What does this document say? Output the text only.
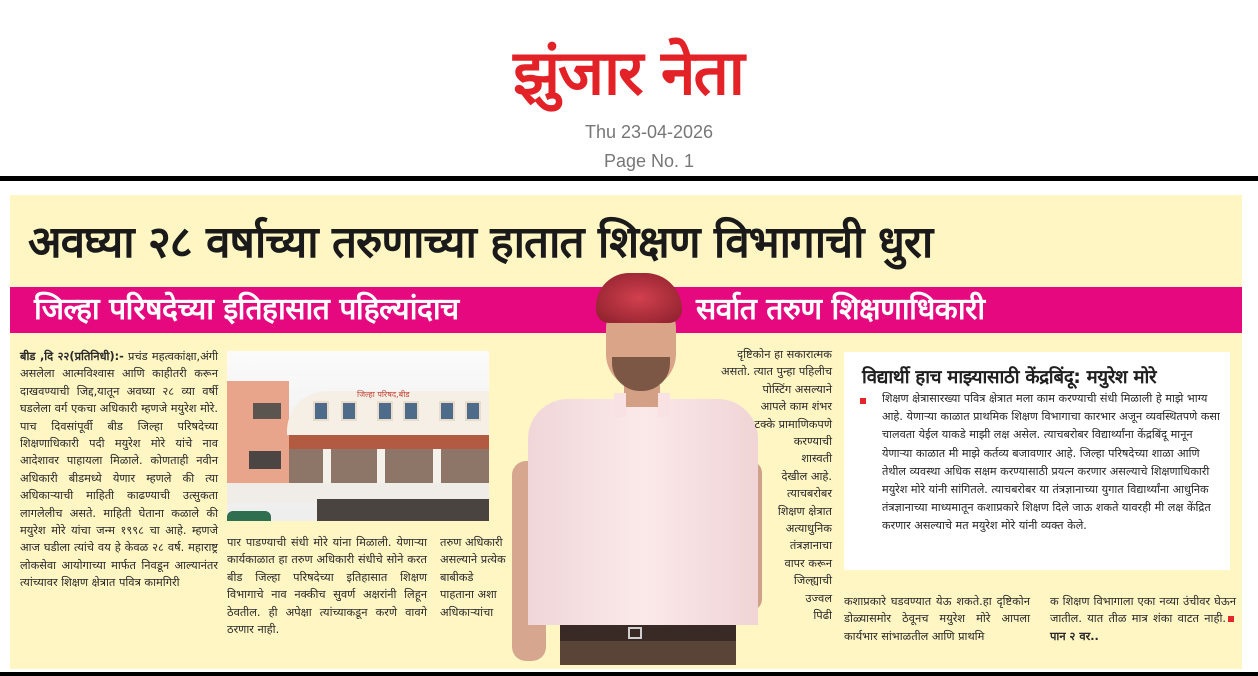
झुंजार नेता
Thu 23-04-2026
Page No. 1
अवघ्या २८ वर्षाच्या तरुणाच्या हातात शिक्षण विभागाची धुरा
जिल्हा परिषदेच्या इतिहासात पहिल्यांदाच	सर्वात तरुण शिक्षणाधिकारी

बीड ,दि २२(प्रतिनिधी):- प्रचंड महत्वकांक्षा,अंगी असलेला आत्मविश्वास आणि काहीतरी करून दाखवण्याची जिद्द,यातून अवघ्या २८ व्या वर्षी घडलेला वर्ग एकचा अधिकारी म्हणजे मयुरेश मोरे. पाच दिवसांपूर्वी बीड जिल्हा परिषदेच्या शिक्षणाधिकारी पदी मयुरेश मोरे यांचे नाव आदेशावर पाहायला मिळाले. कोणताही नवीन अधिकारी बीडमध्ये येणार म्हणले की त्या अधिकाऱ्याची माहिती काढण्याची उत्सुकता लागलेलीच असते. माहिती घेताना कळाले की मयुरेश मोरे यांचा जन्म १९९८ चा आहे. म्हणजे आज घडीला त्यांचे वय हे केवळ २८ वर्ष. महाराष्ट्र लोकसेवा आयोगाच्या मार्फत निवडून आल्यानंतर त्यांच्यावर शिक्षण क्षेत्रात पवित्र कामगिरी

जिल्हा परिषद,बीड

पार पाडण्याची संधी मोरे यांना मिळाली. येणाऱ्या कार्यकाळात हा तरुण अधिकारी संधीचे सोने करत बीड जिल्हा परिषदेच्या इतिहासात शिक्षण विभागाचे नाव नक्कीच सुवर्ण अक्षरांनी लिहून ठेवतील. ही अपेक्षा त्यांच्याकडून करणे वावगे ठरणार नाही.

तरुण अधिकारी असल्याने प्रत्येक बाबीकडे पाहताना अशा अधिकाऱ्यांचा

दृष्टिकोन हा सकारात्मक
असतो. त्यात पुन्हा पहिलीच
पोस्टिंग असल्याने
आपले काम शंभर
टक्के प्रामाणिकपणे
करण्याची
शास्वती
देखील आहे.
त्याचबरोबर
शिक्षण क्षेत्रात
अत्याधुनिक
तंत्रज्ञानाचा
वापर करून
जिल्ह्याची
उज्वल
पिढी
विद्यार्थी हाच माझ्यासाठी केंद्रबिंदू: मयुरेश मोरे
शिक्षण क्षेत्रासारख्या पवित्र क्षेत्रात मला काम करण्याची संधी मिळाली हे माझे भाग्य आहे. येणाऱ्या काळात प्राथमिक शिक्षण विभागाचा कारभार अजून व्यवस्थितपणे कसा चालवता येईल याकडे माझी लक्ष असेल. त्याचबरोबर विद्यार्थ्यांना केंद्रबिंदू मानून येणाऱ्या काळात मी माझे कर्तव्य बजावणार आहे. जिल्हा परिषदेच्या शाळा आणि तेथील व्यवस्था अधिक सक्षम करण्यासाठी प्रयत्न करणार असल्याचे शिक्षणाधिकारी मयुरेश मोरे यांनी सांगितले. त्याचबरोबर या तंत्रज्ञानाच्या युगात विद्यार्थ्यांना आधुनिक तंत्रज्ञानाच्या माध्यमातून कशाप्रकारे शिक्षण दिले जाऊ शकते यावरही मी लक्ष केंद्रित करणार असल्याचे मत मयुरेश मोरे यांनी व्यक्त केले.

कशाप्रकारे घडवण्यात येऊ शकते.हा दृष्टिकोन डोळ्यासमोर ठेवूनच मयुरेश मोरे आपला कार्यभार सांभाळतील आणि प्राथमि

क शिक्षण विभागाला एका नव्या उंचीवर घेऊन जातील. यात तीळ मात्र शंका वाटत नाही.पान २ वर..
